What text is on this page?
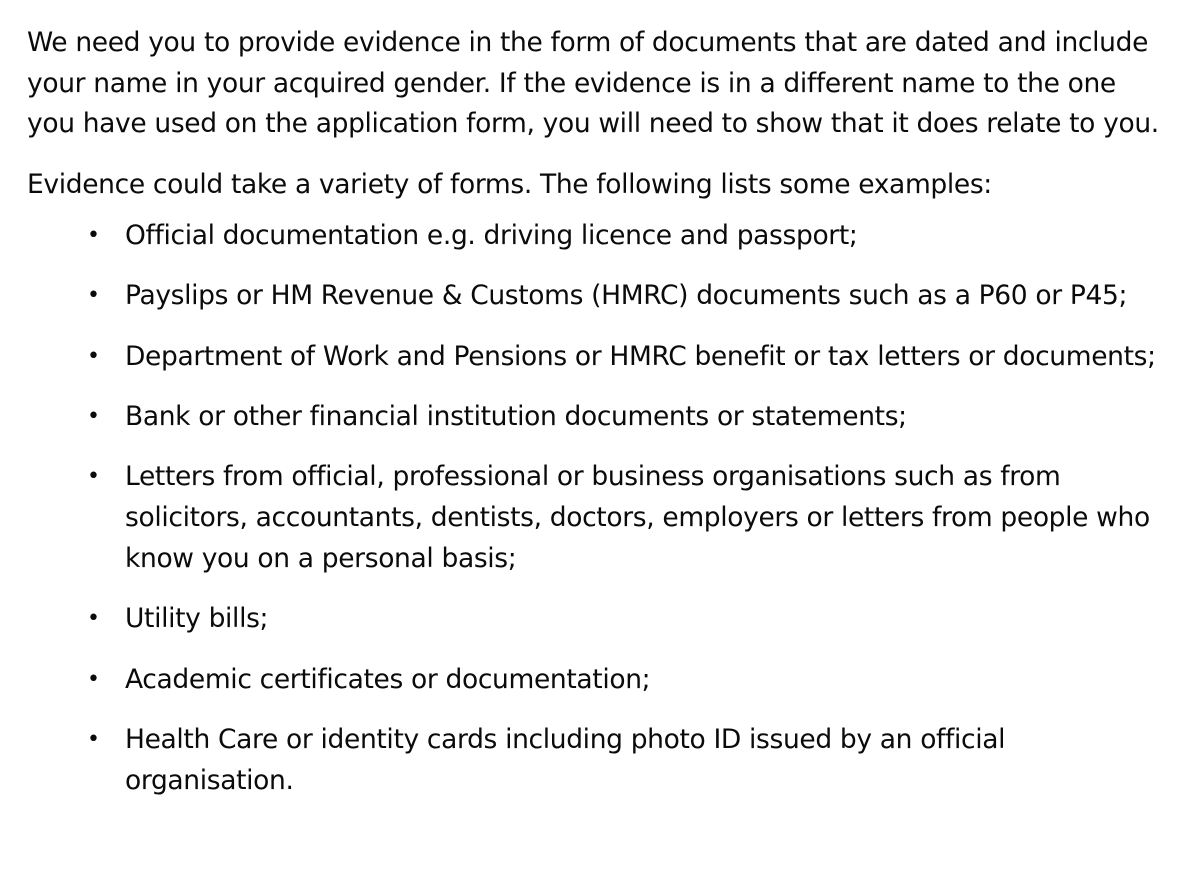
We need you to provide evidence in the form of documents that are dated and include your name in your acquired gender. If the evidence is in a different name to the one you have used on the application form, you will need to show that it does relate to you.

Evidence could take a variety of forms. The following lists some examples:

• Official documentation e.g. driving licence and passport;
• Payslips or HM Revenue & Customs (HMRC) documents such as a P60 or P45;
• Department of Work and Pensions or HMRC benefit or tax letters or documents;
• Bank or other financial institution documents or statements;
• Letters from official, professional or business organisations such as from solicitors, accountants, dentists, doctors, employers or letters from people who know you on a personal basis;
• Utility bills;
• Academic certificates or documentation;
• Health Care or identity cards including photo ID issued by an official organisation.
